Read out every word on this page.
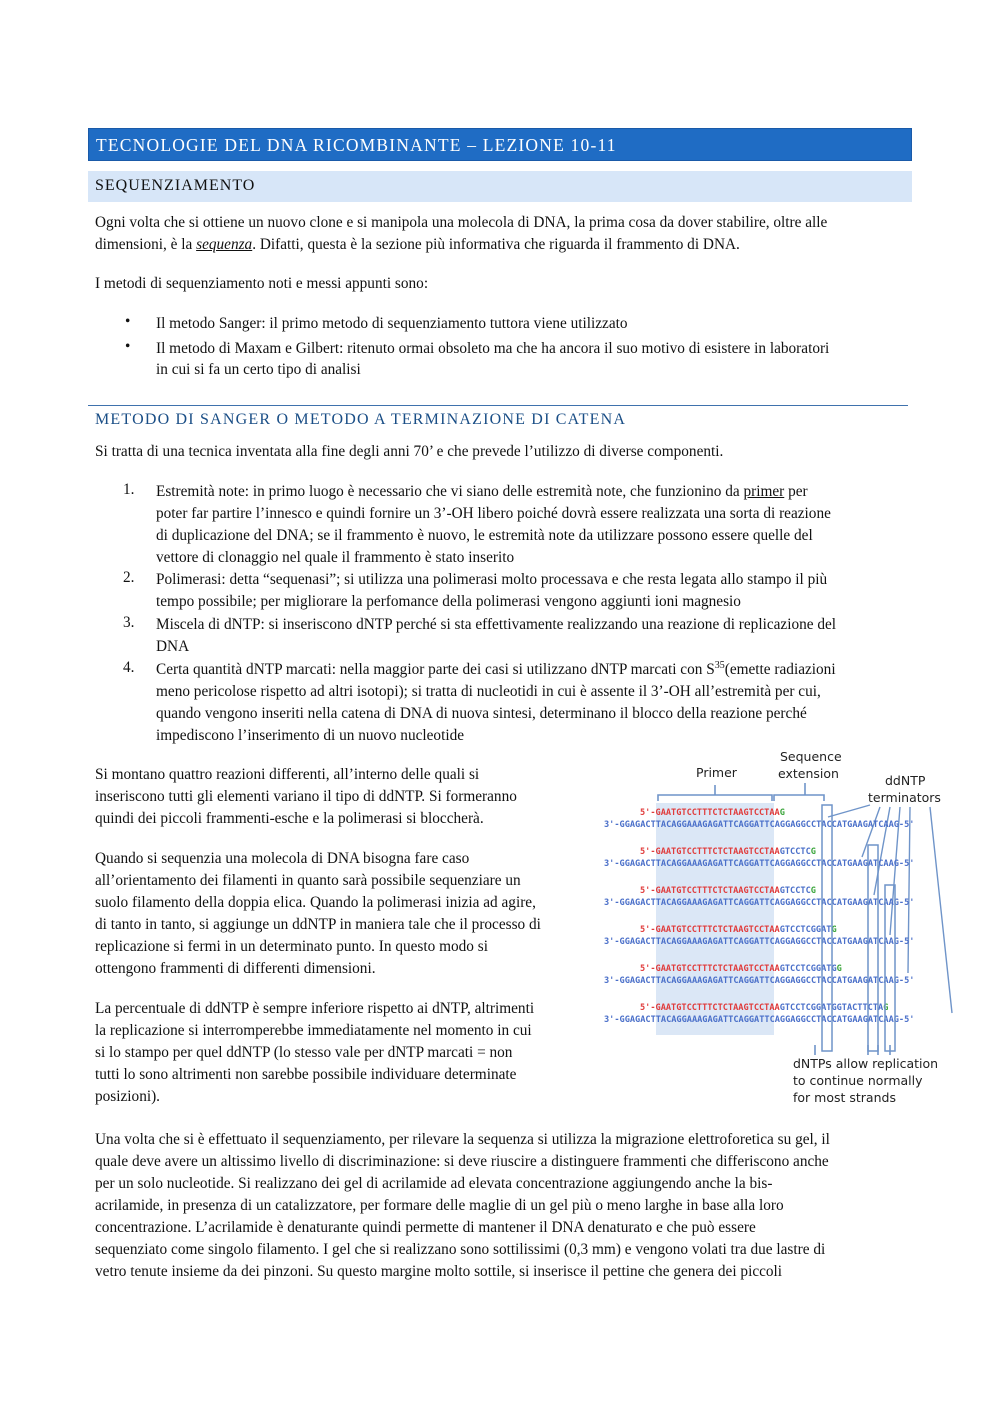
TECNOLOGIE DEL DNA RICOMBINANTE – LEZIONE 10-11
SEQUENZIAMENTO
Ogni volta che si ottiene un nuovo clone e si manipola una molecola di DNA, la prima cosa da dover stabilire, oltre alle
dimensioni, è la sequenza. Difatti, questa è la sezione più informativa che riguarda il frammento di DNA.
I metodi di sequenziamento noti e messi appunti sono:
• Il metodo Sanger: il primo metodo di sequenziamento tuttora viene utilizzato
• Il metodo di Maxam e Gilbert: ritenuto ormai obsoleto ma che ha ancora il suo motivo di esistere in laboratori
in cui si fa un certo tipo di analisi
METODO DI SANGER O METODO A TERMINAZIONE DI CATENA
Si tratta di una tecnica inventata alla fine degli anni 70’ e che prevede l’utilizzo di diverse componenti.
1. Estremità note: in primo luogo è necessario che vi siano delle estremità note, che funzionino da primer per
poter far partire l’innesco e quindi fornire un 3’-OH libero poiché dovrà essere realizzata una sorta di reazione
di duplicazione del DNA; se il frammento è nuovo, le estremità note da utilizzare possono essere quelle del
vettore di clonaggio nel quale il frammento è stato inserito
2. Polimerasi: detta “sequenasi”; si utilizza una polimerasi molto processava e che resta legata allo stampo il più
tempo possibile; per migliorare la perfomance della polimerasi vengono aggiunti ioni magnesio
3. Miscela di dNTP: si inseriscono dNTP perché si sta effettivamente realizzando una reazione di replicazione del
DNA
4. Certa quantità dNTP marcati: nella maggior parte dei casi si utilizzano dNTP marcati con $S^{35}(emette$ radiazioni
meno pericolose rispetto ad altri isotopi); si tratta di nucleotidi in cui è assente il 3’-OH all’estremità per cui,
quando vengono inseriti nella catena di DNA di nuova sintesi, determinano il blocco della reazione perché
impediscono l’inserimento di un nuovo nucleotide
Si montano quattro reazioni differenti, all’interno delle quali si
inseriscono tutti gli elementi variano il tipo di ddNTP. Si formeranno
quindi dei piccoli frammenti-esche e la polimerasi si bloccherà.
Quando si sequenzia una molecola di DNA bisogna fare caso
all’orientamento dei filamenti in quanto sarà possibile sequenziare un
suolo filamento della doppia elica. Quando la polimerasi inizia ad agire,
di tanto in tanto, si aggiunge un ddNTP in maniera tale che il processo di
replicazione si fermi in un determinato punto. In questo modo si
ottengono frammenti di differenti dimensioni.
La percentuale di ddNTP è sempre inferiore rispetto ai dNTP, altrimenti
la replicazione si interromperebbe immediatamente nel momento in cui
si lo stampo per quel ddNTP (lo stesso vale per dNTP marcati = non
tutti lo sono altrimenti non sarebbe possibile individuare determinate
posizioni).
Primer
Sequence
extension	ddNTP
terminators
5'-GAATGTCCTTTCTCTAAGTCCTAAG
3'-GGAGACTTACAGGAAAGAGATTCAGGATTCAGGAGGCCTACCATGAAGATCAAG-5'
5'-GAATGTCCTTTCTCTAAGTCCTAAGTCCTCG
3'-GGAGACTTACAGGAAAGAGATTCAGGATTCAGGAGGCCTACCATGAAGATCAAG-5'
5'-GAATGTCCTTTCTCTAAGTCCTAAGTCCTCG
3'-GGAGACTTACAGGAAAGAGATTCAGGATTCAGGAGGCCTACCATGAAGATCAAG-5'
5'-GAATGTCCTTTCTCTAAGTCCTAAGTCCTCGGATG
3'-GGAGACTTACAGGAAAGAGATTCAGGATTCAGGAGGCCTACCATGAAGATCAAG-5'
5'-GAATGTCCTTTCTCTAAGTCCTAAGTCCTCGGATGG
3'-GGAGACTTACAGGAAAGAGATTCAGGATTCAGGAGGCCTACCATGAAGATCAAG-5'
5'-GAATGTCCTTTCTCTAAGTCCTAAGTCCTCGGATGGTACTTCTAG
3'-GGAGACTTACAGGAAAGAGATTCAGGATTCAGGAGGCCTACCATGAAGATCAAG-5'
dNTPs allow replication
to continue normally
for most strands
Una volta che si è effettuato il sequenziamento, per rilevare la sequenza si utilizza la migrazione elettroforetica su gel, il
quale deve avere un altissimo livello di discriminazione: si deve riuscire a distinguere frammenti che differiscono anche
per un solo nucleotide. Si realizzano dei gel di acrilamide ad elevata concentrazione aggiungendo anche la bis-
acrilamide, in presenza di un catalizzatore, per formare delle maglie di un gel più o meno larghe in base alla loro
concentrazione. L’acrilamide è denaturante quindi permette di mantener il DNA denaturato e che può essere
sequenziato come singolo filamento. I gel che si realizzano sono sottilissimi (0,3 mm) e vengono volati tra due lastre di
vetro tenute insieme da dei pinzoni. Su questo margine molto sottile, si inserisce il pettine che genera dei piccoli
